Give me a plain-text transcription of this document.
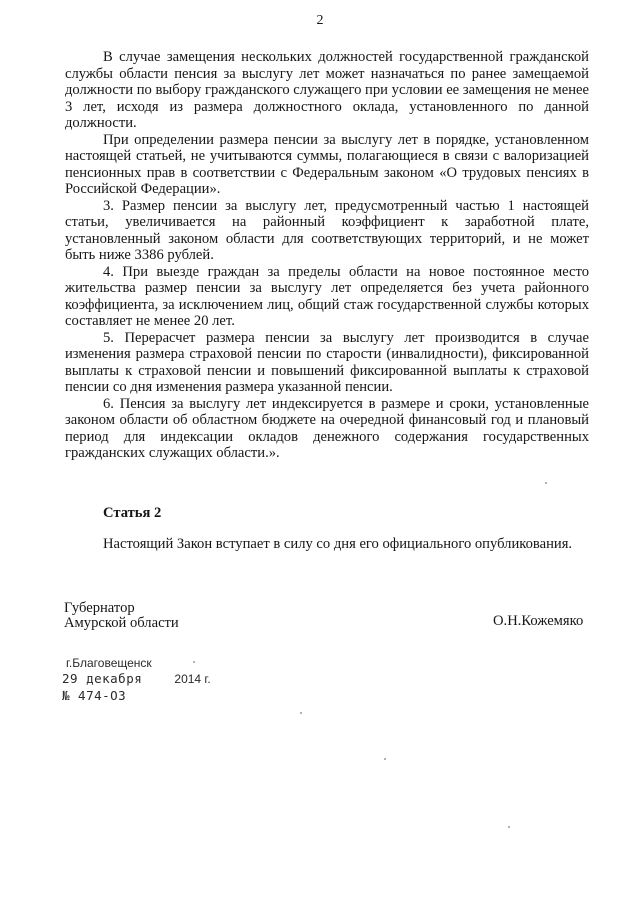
2

В случае замещения нескольких должностей государственной гражданской службы области пенсия за выслугу лет может назначаться по ранее замещаемой должности по выбору гражданского служащего при условии ее замещения не менее 3 лет, исходя из размера должностного оклада, установленного по данной должности.

При определении размера пенсии за выслугу лет в порядке, установленном настоящей статьей, не учитываются суммы, полагающиеся в связи с валоризацией пенсионных прав в соответствии с Федеральным законом «О трудовых пенсиях в Российской Федерации».

3. Размер пенсии за выслугу лет, предусмотренный частью 1 настоящей статьи, увеличивается на районный коэффициент к заработной плате, установленный законом области для соответствующих территорий, и не может быть ниже 3386 рублей.

4. При выезде граждан за пределы области на новое постоянное место жительства размер пенсии за выслугу лет определяется без учета районного коэффициента, за исключением лиц, общий стаж государственной службы которых составляет не менее 20 лет.

5. Перерасчет размера пенсии за выслугу лет производится в случае изменения размера страховой пенсии по старости (инвалидности), фиксированной выплаты к страховой пенсии и повышений фиксированной выплаты к страховой пенсии со дня изменения размера указанной пенсии.

6. Пенсия за выслугу лет индексируется в размере и сроки, установленные законом области об областном бюджете на очередной финансовый год и плановый период для индексации окладов денежного содержания государственных гражданских служащих области.».

Статья 2
Настоящий Закон вступает в силу со дня его официального опубликования.
Губернатор
Амурской области	О.Н.Кожемяко
г.Благовещенск
29 декабря	2014 г.
№ 474-ОЗ
